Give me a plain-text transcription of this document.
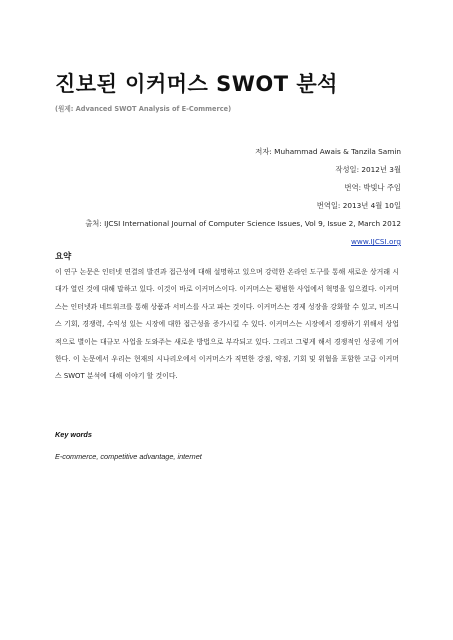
진보된 이커머스 SWOT 분석
(원제: Advanced SWOT Analysis of E-Commerce)
저자: Muhammad Awais & Tanzila Samin
작성일: 2012년 3월
번역: 박빛나 주임
번역일: 2013년 4월 10일
출처: IJCSI International Journal of Computer Science Issues, Vol 9, Issue 2, March 2012
www.IJCSI.org
요약
이 연구 논문은 인터넷 연결의 발견과 접근성에 대해 설명하고 있으며 강력한 온라인 도구를 통해 새로운 상거래 시대가 열린 것에 대해 말하고 있다. 이것이 바로 이커머스이다. 이커머스는 평범한 사업에서 혁명을 일으켰다. 이커머스는 인터넷과 네트워크를 통해 상품과 서비스를 사고 파는 것이다. 이커머스는 경제 성장을 강화할 수 있고, 비즈니스 기회, 경쟁력, 수익성 있는 시장에 대한 접근성을 증가시킬 수 있다. 이커머스는 시장에서 경쟁하기 위해서 상업적으로 별이는 대규모 사업을 도와주는 새로운 방법으로 부각되고 있다. 그리고 그렇게 해서 경쟁적인 성공에 기여한다. 이 논문에서 우리는 현재의 시나리오에서 이커머스가 직면한 강점, 약점, 기회 및 위협을 포함한 고급 이커머스 SWOT 분석에 대해 이야기 할 것이다.
Key words
E-commerce, competitive advantage, internet
